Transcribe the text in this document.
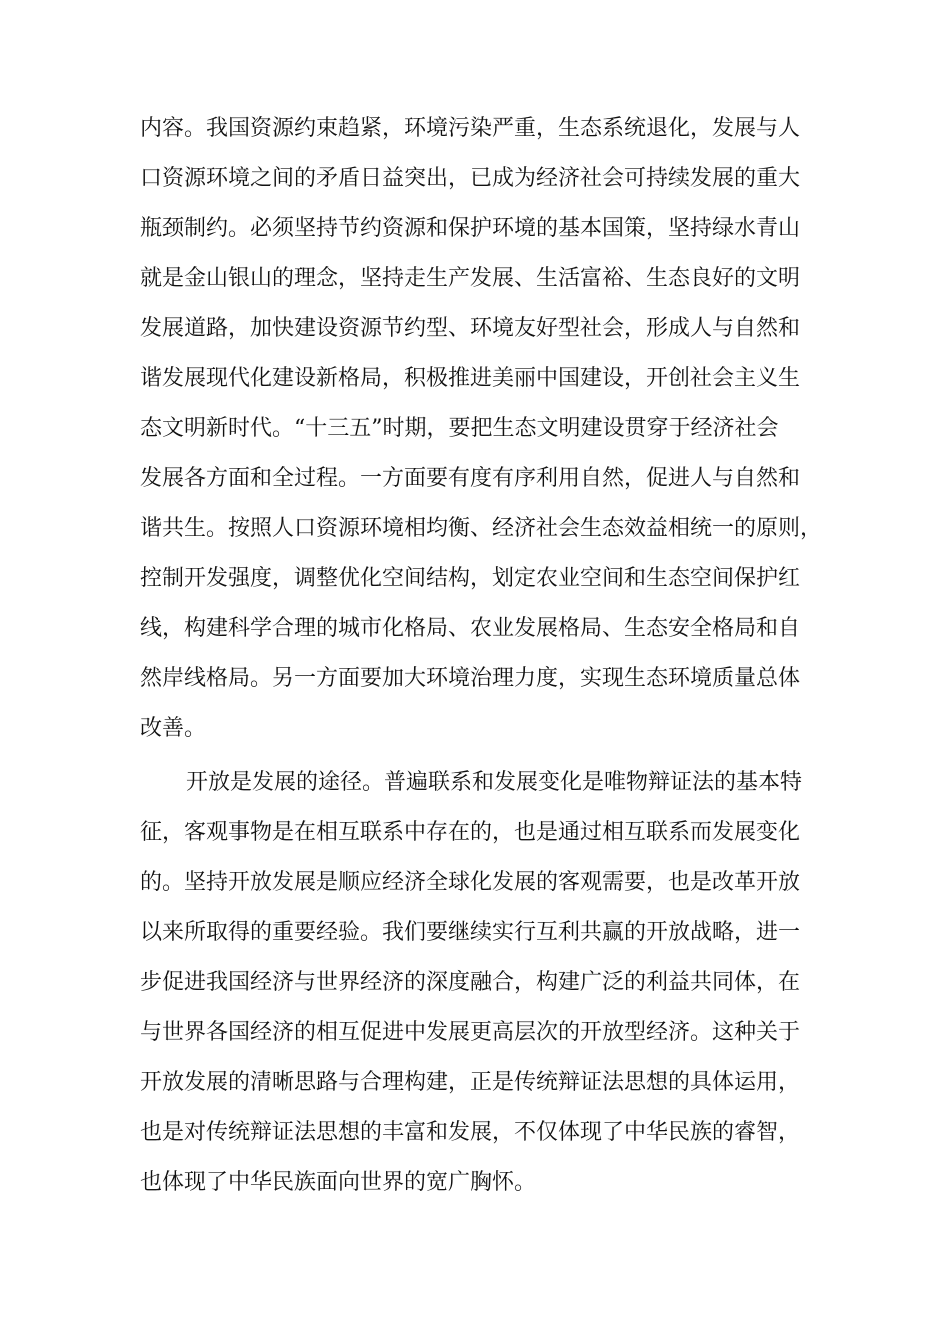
内容。我国资源约束趋紧，环境污染严重，生态系统退化，发展与人
口资源环境之间的矛盾日益突出，已成为经济社会可持续发展的重大
瓶颈制约。必须坚持节约资源和保护环境的基本国策，坚持绿水青山
就是金山银山的理念，坚持走生产发展、生活富裕、生态良好的文明
发展道路，加快建设资源节约型、环境友好型社会，形成人与自然和
谐发展现代化建设新格局，积极推进美丽中国建设，开创社会主义生
态文明新时代。“十三五”时期，要把生态文明建设贯穿于经济社会
发展各方面和全过程。一方面要有度有序利用自然，促进人与自然和
谐共生。按照人口资源环境相均衡、经济社会生态效益相统一的原则，
控制开发强度，调整优化空间结构，划定农业空间和生态空间保护红
线，构建科学合理的城市化格局、农业发展格局、生态安全格局和自
然岸线格局。另一方面要加大环境治理力度，实现生态环境质量总体
改善。
开放是发展的途径。普遍联系和发展变化是唯物辩证法的基本特
征，客观事物是在相互联系中存在的，也是通过相互联系而发展变化
的。坚持开放发展是顺应经济全球化发展的客观需要，也是改革开放
以来所取得的重要经验。我们要继续实行互利共赢的开放战略，进一
步促进我国经济与世界经济的深度融合，构建广泛的利益共同体，在
与世界各国经济的相互促进中发展更高层次的开放型经济。这种关于
开放发展的清晰思路与合理构建，正是传统辩证法思想的具体运用，
也是对传统辩证法思想的丰富和发展，不仅体现了中华民族的睿智，
也体现了中华民族面向世界的宽广胸怀。
